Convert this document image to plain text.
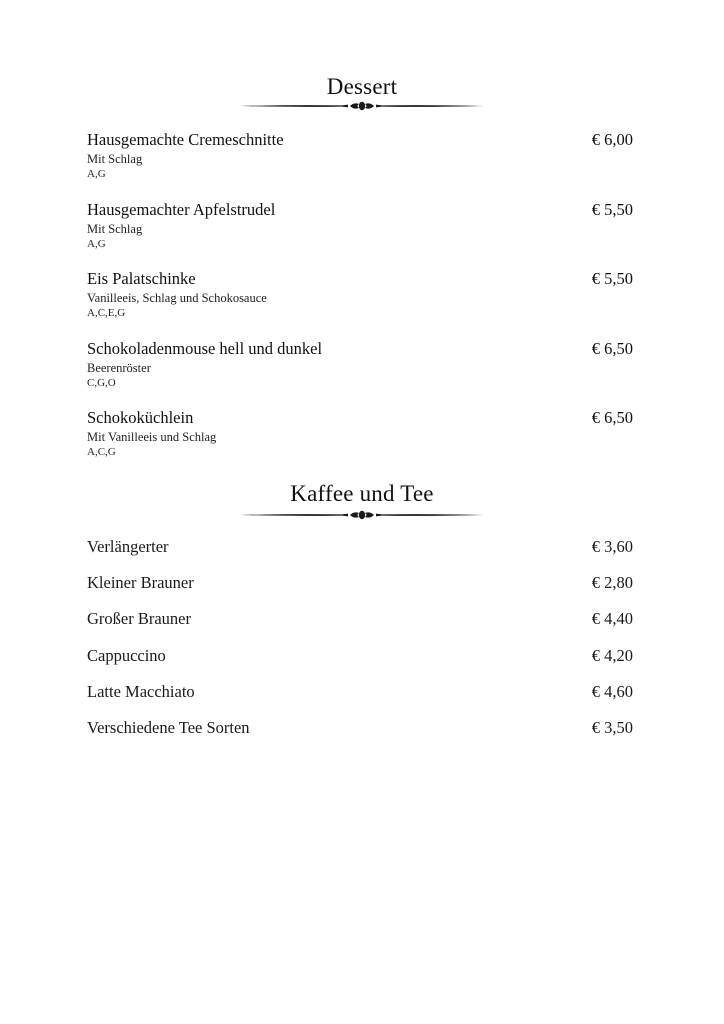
Dessert
Hausgemachte Cremeschnitte	€ 6,00
Mit Schlag
A,G
Hausgemachter Apfelstrudel	€ 5,50
Mit Schlag
A,G
Eis Palatschinke	€ 5,50
Vanilleeis, Schlag und Schokosauce
A,C,E,G
Schokoladenmouse hell und dunkel	€ 6,50
Beerenröster
C,G,O
Schokoküchlein	€ 6,50
Mit Vanilleeis und Schlag
A,C,G
Kaffee und Tee
Verlängerter	€ 3,60
Kleiner Brauner	€ 2,80
Großer Brauner	€ 4,40
Cappuccino	€ 4,20
Latte Macchiato	€ 4,60
Verschiedene Tee Sorten	€ 3,50
